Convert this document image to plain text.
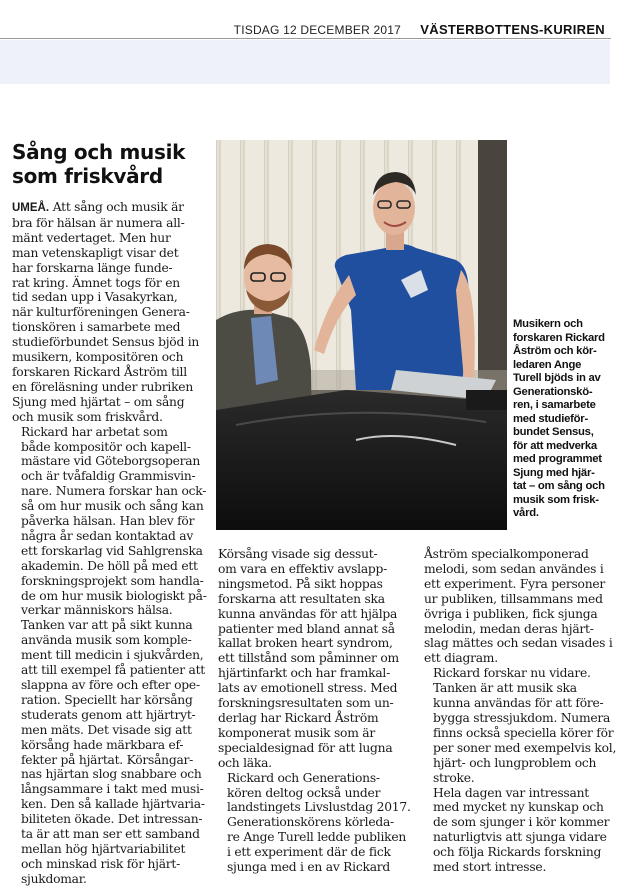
TISDAG 12 DECEMBER 2017 VÄSTERBOTTENS-KURIREN
Sång och musik
som friskvård

UMEÅ. Att sång och musik är

bra för hälsan är numera all-
mänt vedertaget. Men hur
man vetenskapligt visar det
har forskarna länge funde-
rat kring. Ämnet togs för en
tid sedan upp i Vasakyrkan,
när kulturföreningen Genera-
tionskören i samarbete med
studieförbundet Sensus bjöd in
musikern, kompositören och
forskaren Rickard Åström till
en föreläsning under rubriken
Sjung med hjärtat – om sång
och musik som friskvård.

Rickard har arbetat som
både kompositör och kapell-
mästare vid Göteborgsoperan
och är tvåfaldig Grammisvin-
nare. Numera forskar han ock-
så om hur musik och sång kan
påverka hälsan. Han blev för
några år sedan kontaktad av
ett forskarlag vid Sahlgrenska
akademin. De höll på med ett
forskningsprojekt som handla-
de om hur musik biologiskt på-
verkar människors hälsa.

Tanken var att på sikt kunna
använda musik som komple-
ment till medicin i sjukvården,
att till exempel få patienter att
slappna av före och efter ope-
ration. Speciellt har körsång
studerats genom att hjärtryt-
men mäts. Det visade sig att
körsång hade märkbara ef-
fekter på hjärtat. Körsångar-
nas hjärtan slog snabbare och
långsammare i takt med musi-
ken. Den så kallade hjärtvaria-
biliteten ökade. Det intressan-
ta är att man ser ett samband
mellan hög hjärtvariabilitet
och minskad risk för hjärt-
sjukdomar.

Musikern och
forskaren Rickard
Åström och kör-
ledaren Ange
Turell bjöds in av
Generationskö-
ren, i samarbete
med studieför-
bundet Sensus,
för att medverka
med programmet
Sjung med hjär-
tat – om sång och
musik som frisk-
vård.

Körsång visade sig dessut-
om vara en effektiv avslapp-
ningsmetod. På sikt hoppas
forskarna att resultaten ska
kunna användas för att hjälpa
patienter med bland annat så
kallat broken heart syndrom,
ett tillstånd som påminner om
hjärtinfarkt och har framkal-
lats av emotionell stress. Med
forskningsresultaten som un-
derlag har Rickard Åström
komponerat musik som är
specialdesignad för att lugna
och läka.

Rickard och Generations-
kören deltog också under
landstingets Livslustdag 2017.
Generationskörens körleda-
re Ange Turell ledde publiken
i ett experiment där de fick
sjunga med i en av Rickard

Åström specialkomponerad
melodi, som sedan användes i
ett experiment. Fyra personer
ur publiken, tillsammans med
övriga i publiken, fick sjunga
melodin, medan deras hjärt-
slag mättes och sedan visades i
ett diagram.

Rickard forskar nu vidare.
Tanken är att musik ska
kunna användas för att före-
bygga stressjukdom. Numera
finns också speciella körer för
per soner med exempelvis kol,
hjärt- och lungproblem och
stroke.

Hela dagen var intressant
med mycket ny kunskap och
de som sjunger i kör kommer
naturligtvis att sjunga vidare
och följa Rickards forskning
med stort intresse.
